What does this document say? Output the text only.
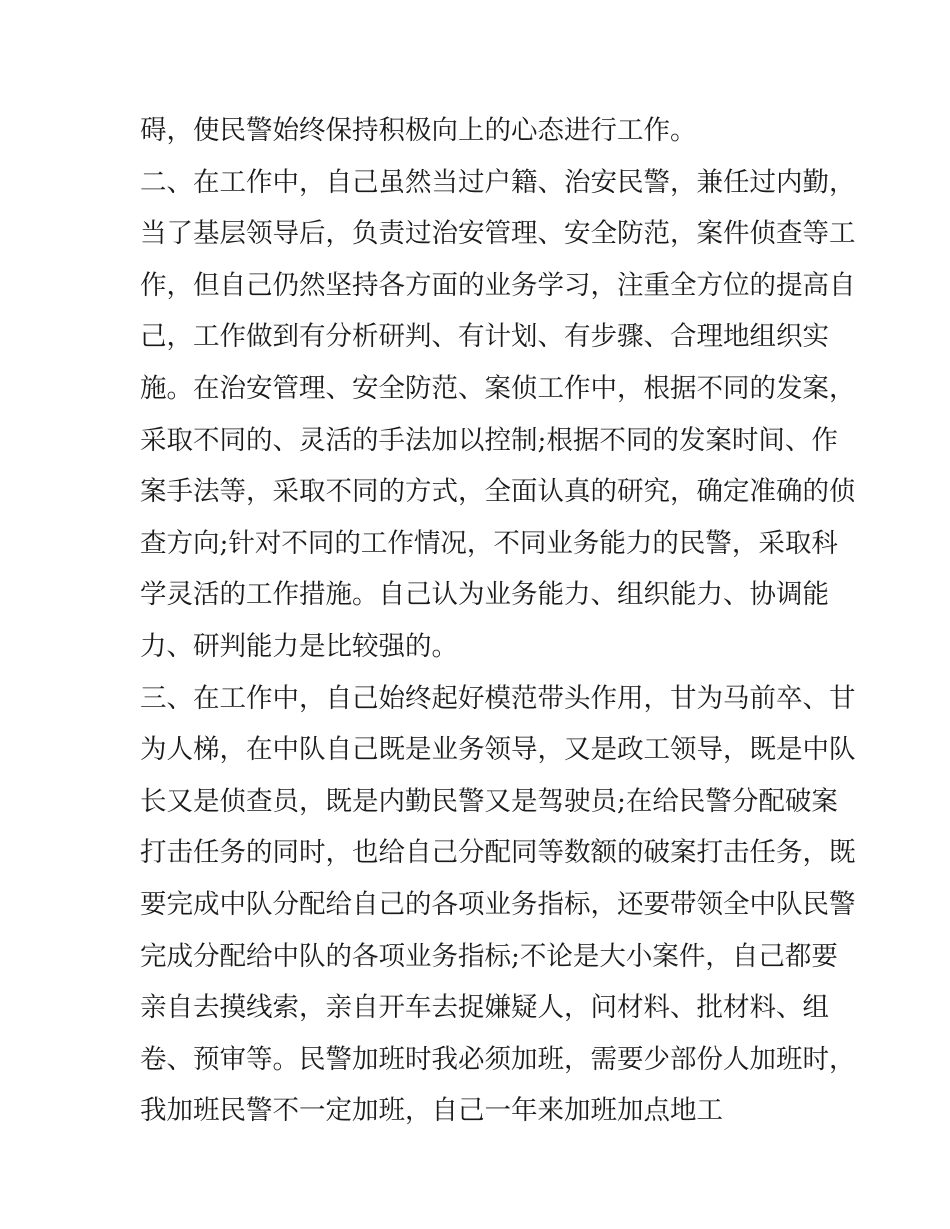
碍，使民警始终保持积极向上的心态进行工作。
二、在工作中，自己虽然当过户籍、治安民警，兼任过内勤，
当了基层领导后，负责过治安管理、安全防范，案件侦查等工
作，但自己仍然坚持各方面的业务学习，注重全方位的提高自
己，工作做到有分析研判、有计划、有步骤、合理地组织实
施。在治安管理、安全防范、案侦工作中，根据不同的发案，
采取不同的、灵活的手法加以控制;根据不同的发案时间、作
案手法等，采取不同的方式，全面认真的研究，确定准确的侦
查方向;针对不同的工作情况，不同业务能力的民警，采取科
学灵活的工作措施。自己认为业务能力、组织能力、协调能
力、研判能力是比较强的。
三、在工作中，自己始终起好模范带头作用，甘为马前卒、甘
为人梯，在中队自己既是业务领导，又是政工领导，既是中队
长又是侦查员，既是内勤民警又是驾驶员;在给民警分配破案
打击任务的同时，也给自己分配同等数额的破案打击任务，既
要完成中队分配给自己的各项业务指标，还要带领全中队民警
完成分配给中队的各项业务指标;不论是大小案件，自己都要
亲自去摸线索，亲自开车去捉嫌疑人，问材料、批材料、组
卷、预审等。民警加班时我必须加班，需要少部份人加班时，
我加班民警不一定加班，自己一年来加班加点地工
